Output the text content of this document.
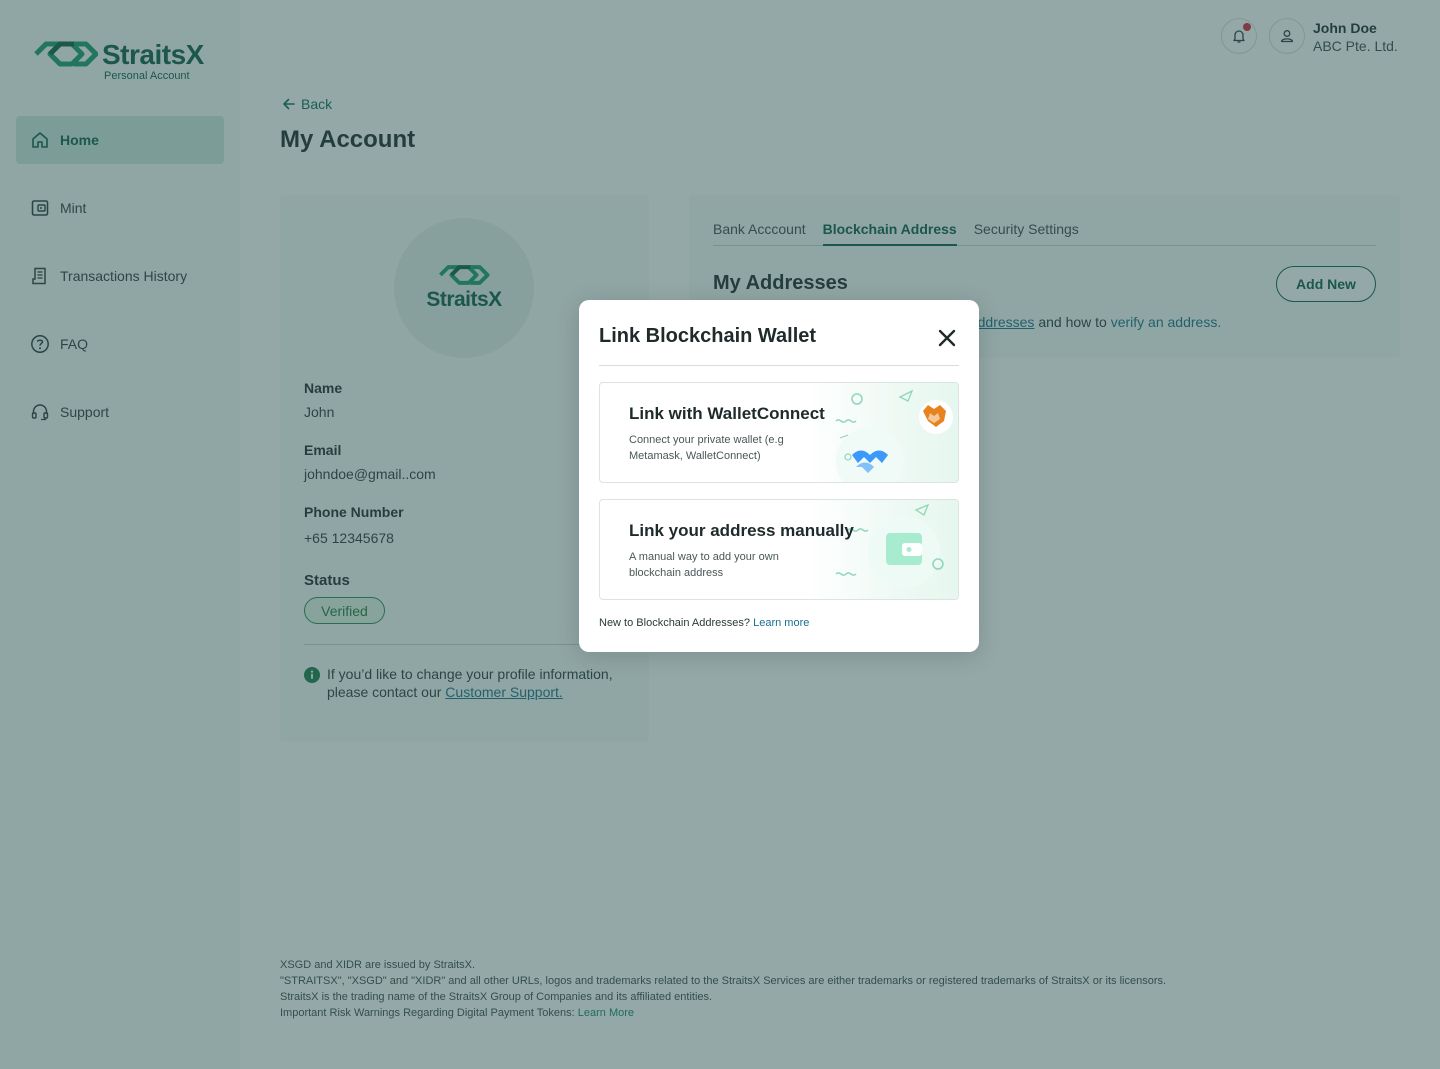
Link Blockchain Wallet
Link with WalletConnect
Connect your private wallet (e.g Metamask, WalletConnect)
Link your address manually
A manual way to add your own blockchain address
New to Blockchain Addresses? Learn more
